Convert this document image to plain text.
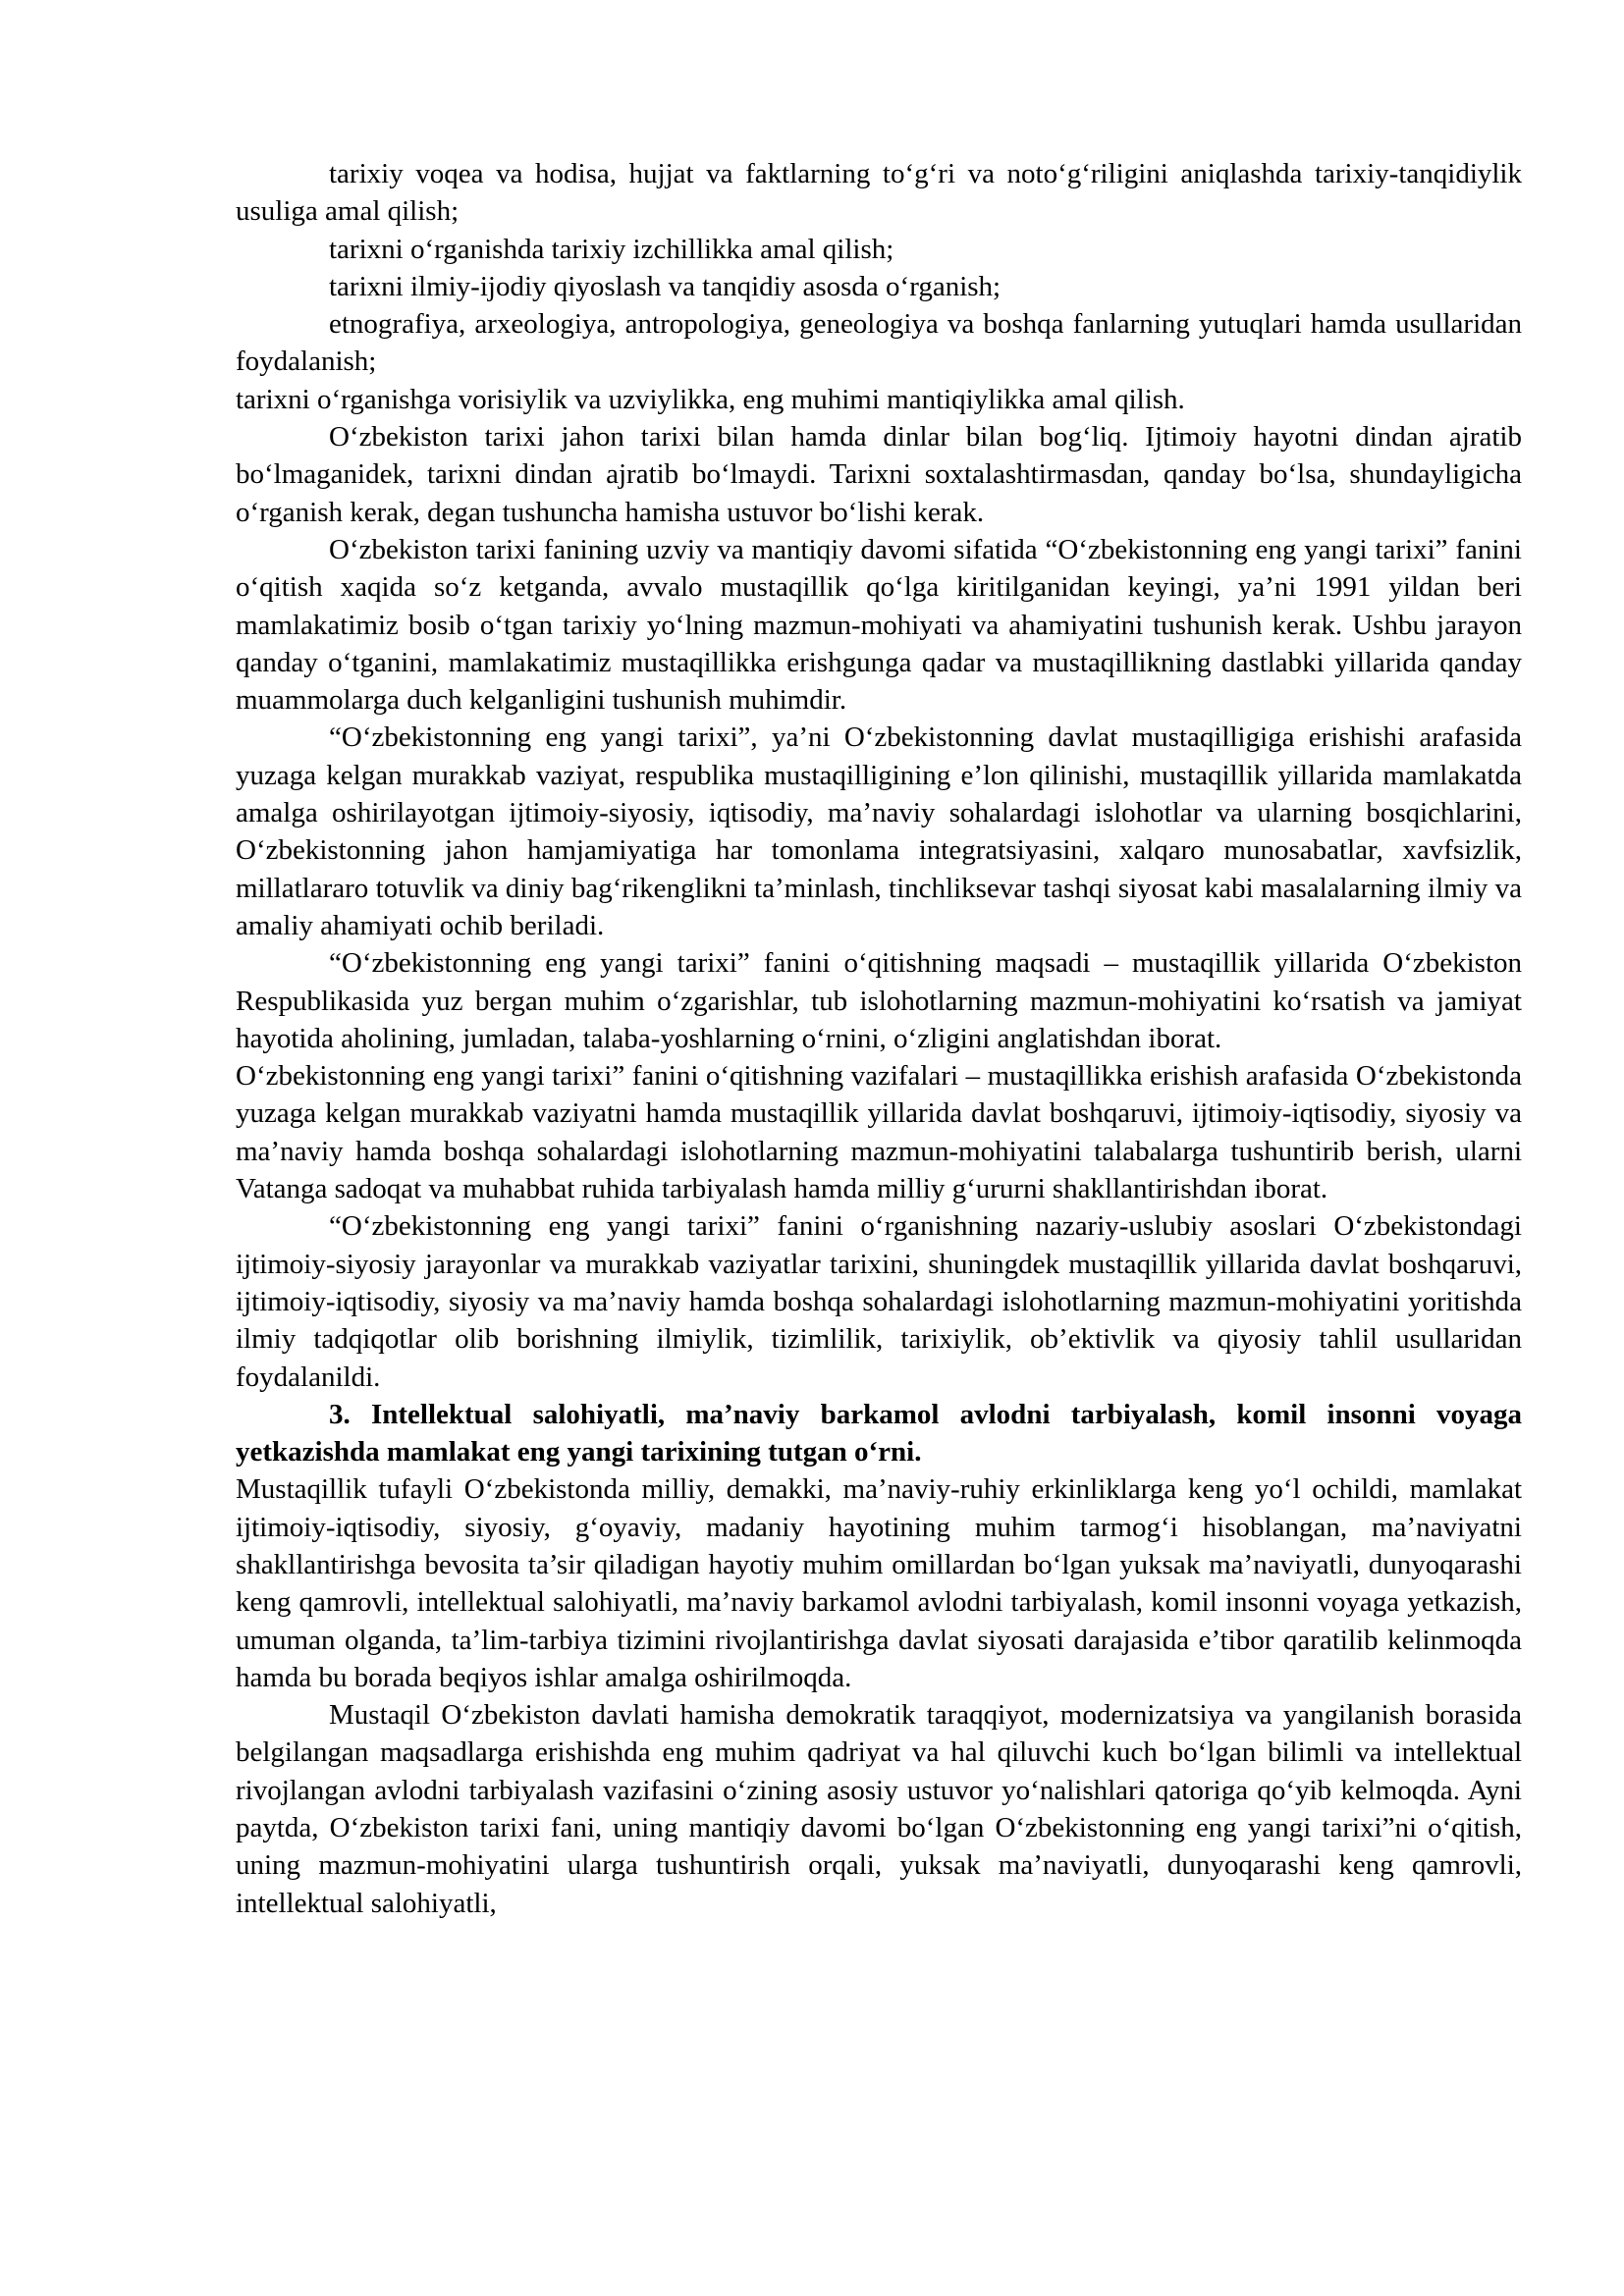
tarixiy voqea va hodisa, hujjat va faktlarning to‘g‘ri va noto‘g‘riligini aniqlashda tarixiy-tanqidiylik usuliga amal qilish;

tarixni o‘rganishda tarixiy izchillikka amal qilish;

tarixni ilmiy-ijodiy qiyoslash va tanqidiy asosda o‘rganish;

etnografiya, arxeologiya, antropologiya, geneologiya va boshqa fanlarning yutuqlari hamda usullaridan foydalanish;

tarixni o‘rganishga vorisiylik va uzviylikka, eng muhimi mantiqiylikka amal qilish.

O‘zbekiston tarixi jahon tarixi bilan hamda dinlar bilan bog‘liq. Ijtimoiy hayotni dindan ajratib bo‘lmaganidek, tarixni dindan ajratib bo‘lmaydi. Tarixni soxtalashtirmasdan, qanday bo‘lsa, shundayligicha o‘rganish kerak, degan tushuncha hamisha ustuvor bo‘lishi kerak.

O‘zbekiston tarixi fanining uzviy va mantiqiy davomi sifatida “O‘zbekistonning eng yangi tarixi” fanini o‘qitish xaqida so‘z ketganda, avvalo mustaqillik qo‘lga kiritilganidan keyingi, ya’ni 1991 yildan beri mamlakatimiz bosib o‘tgan tarixiy yo‘lning mazmun-mohiyati va ahamiyatini tushunish kerak. Ushbu jarayon qanday o‘tganini, mamlakatimiz mustaqillikka erishgunga qadar va mustaqillikning dastlabki yillarida qanday muammolarga duch kelganligini tushunish muhimdir.

“O‘zbekistonning eng yangi tarixi”, ya’ni O‘zbekistonning davlat mustaqilligiga erishishi arafasida yuzaga kelgan murakkab vaziyat, respublika mustaqilligining e’lon qilinishi, mustaqillik yillarida mamlakatda amalga oshirilayotgan ijtimoiy-siyosiy, iqtisodiy, ma’naviy sohalardagi islohotlar va ularning bosqichlarini, O‘zbekistonning jahon hamjamiyatiga har tomonlama integratsiyasini, xalqaro munosabatlar, xavfsizlik, millatlararo totuvlik va diniy bag‘rikenglikni ta’minlash, tinchliksevar tashqi siyosat kabi masalalarning ilmiy va amaliy ahamiyati ochib beriladi.

“O‘zbekistonning eng yangi tarixi” fanini o‘qitishning maqsadi – mustaqillik yillarida O‘zbekiston Respublikasida yuz bergan muhim o‘zgarishlar, tub islohotlarning mazmun-mohiyatini ko‘rsatish va jamiyat hayotida aholining, jumladan, talaba-yoshlarning o‘rnini, o‘zligini anglatishdan iborat.

O‘zbekistonning eng yangi tarixi” fanini o‘qitishning vazifalari – mustaqillikka erishish arafasida O‘zbekistonda yuzaga kelgan murakkab vaziyatni hamda mustaqillik yillarida davlat boshqaruvi, ijtimoiy-iqtisodiy, siyosiy va ma’naviy hamda boshqa sohalardagi islohotlarning mazmun-mohiyatini talabalarga tushuntirib berish, ularni Vatanga sadoqat va muhabbat ruhida tarbiyalash hamda milliy g‘ururni shakllantirishdan iborat.

“O‘zbekistonning eng yangi tarixi” fanini o‘rganishning nazariy-uslubiy asoslari O‘zbekistondagi ijtimoiy-siyosiy jarayonlar va murakkab vaziyatlar tarixini, shuningdek mustaqillik yillarida davlat boshqaruvi, ijtimoiy-iqtisodiy, siyosiy va ma’naviy hamda boshqa sohalardagi islohotlarning mazmun-mohiyatini yoritishda ilmiy tadqiqotlar olib borishning ilmiylik, tizimlilik, tarixiylik, ob’ektivlik va qiyosiy tahlil usullaridan foydalanildi.

3. Intellektual salohiyatli, ma’naviy barkamol avlodni tarbiyalash, komil insonni voyaga yetkazishda mamlakat eng yangi tarixining tutgan o‘rni.

Mustaqillik tufayli O‘zbekistonda milliy, demakki, ma’naviy-ruhiy erkinliklarga keng yo‘l ochildi, mamlakat ijtimoiy-iqtisodiy, siyosiy, g‘oyaviy, madaniy hayotining muhim tarmog‘i hisoblangan, ma’naviyatni shakllantirishga bevosita ta’sir qiladigan hayotiy muhim omillardan bo‘lgan yuksak ma’naviyatli, dunyoqarashi keng qamrovli, intellektual salohiyatli, ma’naviy barkamol avlodni tarbiyalash, komil insonni voyaga yetkazish, umuman olganda, ta’lim-tarbiya tizimini rivojlantirishga davlat siyosati darajasida e’tibor qaratilib kelinmoqda hamda bu borada beqiyos ishlar amalga oshirilmoqda.

Mustaqil O‘zbekiston davlati hamisha demokratik taraqqiyot, modernizatsiya va yangilanish borasida belgilangan maqsadlarga erishishda eng muhim qadriyat va hal qiluvchi kuch bo‘lgan bilimli va intellektual rivojlangan avlodni tarbiyalash vazifasini o‘zining asosiy ustuvor yo‘nalishlari qatoriga qo‘yib kelmoqda. Ayni paytda, O‘zbekiston tarixi fani, uning mantiqiy davomi bo‘lgan O‘zbekistonning eng yangi tarixi”ni o‘qitish, uning mazmun-mohiyatini ularga tushuntirish orqali, yuksak ma’naviyatli, dunyoqarashi keng qamrovli, intellektual salohiyatli,
